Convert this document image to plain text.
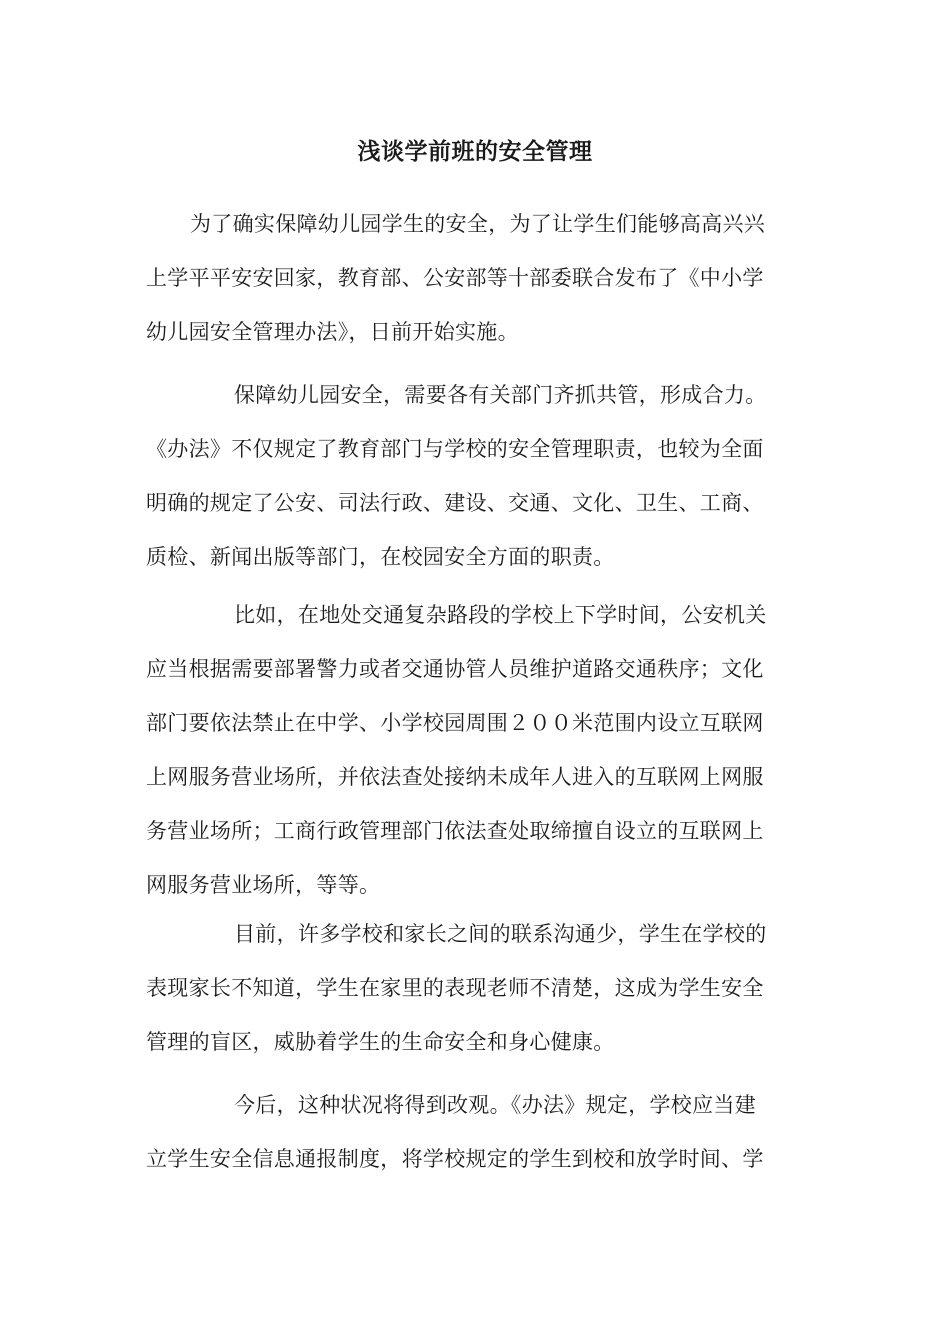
浅谈学前班的安全管理
为了确实保障幼儿园学生的安全，为了让学生们能够高高兴兴
上学平平安安回家，教育部、公安部等十部委联合发布了《中小学
幼儿园安全管理办法》，日前开始实施。
保障幼儿园安全，需要各有关部门齐抓共管，形成合力。
《办法》不仅规定了教育部门与学校的安全管理职责，也较为全面
明确的规定了公安、司法行政、建设、交通、文化、卫生、工商、
质检、新闻出版等部门，在校园安全方面的职责。
比如，在地处交通复杂路段的学校上下学时间，公安机关
应当根据需要部署警力或者交通协管人员维护道路交通秩序；文化
部门要依法禁止在中学、小学校园周围２００米范围内设立互联网
上网服务营业场所，并依法查处接纳未成年人进入的互联网上网服
务营业场所；工商行政管理部门依法查处取缔擅自设立的互联网上
网服务营业场所，等等。
目前，许多学校和家长之间的联系沟通少，学生在学校的
表现家长不知道，学生在家里的表现老师不清楚，这成为学生安全
管理的盲区，威胁着学生的生命安全和身心健康。
今后，这种状况将得到改观。《办法》规定，学校应当建
立学生安全信息通报制度，将学校规定的学生到校和放学时间、学
